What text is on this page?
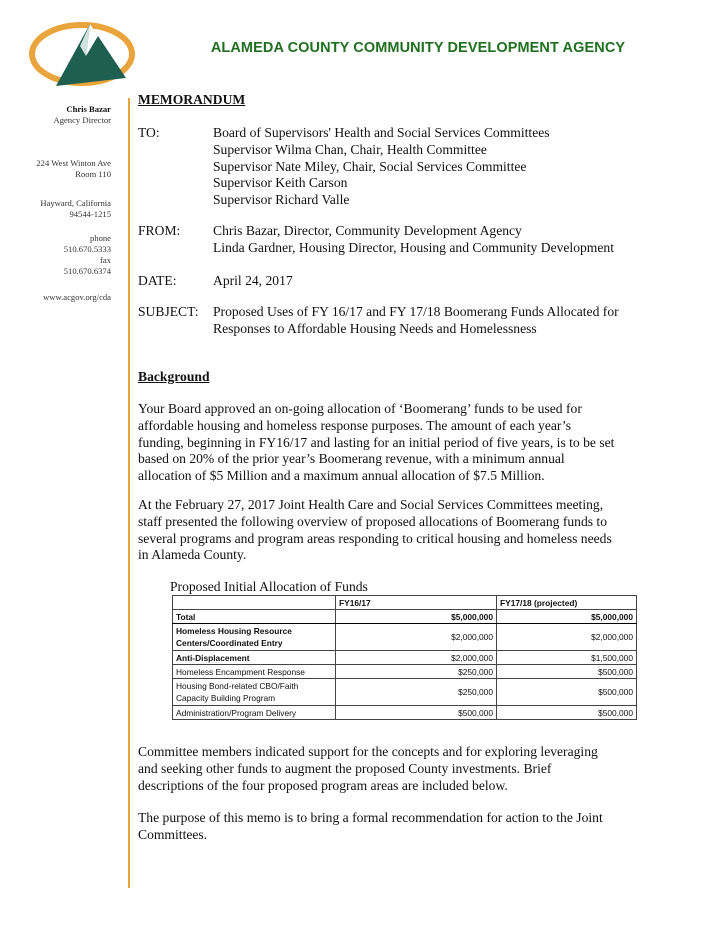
ALAMEDA COUNTY COMMUNITY DEVELOPMENT AGENCY
Chris Bazar
Agency Director
224 West Winton Ave
Room 110
Hayward, California
94544-1215
phone
510.670.5333
fax
510.670.6374
www.acgov.org/cda
MEMORANDUM
TO:	Board of Supervisors' Health and Social Services Committees
Supervisor Wilma Chan, Chair, Health Committee
Supervisor Nate Miley, Chair, Social Services Committee
Supervisor Keith Carson
Supervisor Richard Valle
FROM: Chris Bazar, Director, Community Development Agency
Linda Gardner, Housing Director, Housing and Community Development
DATE:	April 24, 2017
SUBJECT: Proposed Uses of FY 16/17 and FY 17/18 Boomerang Funds Allocated for
Responses to Affordable Housing Needs and Homelessness
Background
Your Board approved an on-going allocation of ‘Boomerang’ funds to be used for
affordable housing and homeless response purposes. The amount of each year’s
funding, beginning in FY16/17 and lasting for an initial period of five years, is to be set
based on 20% of the prior year’s Boomerang revenue, with a minimum annual
allocation of $5 Million and a maximum annual allocation of $7.5 Million.
At the February 27, 2017 Joint Health Care and Social Services Committees meeting,
staff presented the following overview of proposed allocations of Boomerang funds to
several programs and program areas responding to critical housing and homeless needs
in Alameda County.
Proposed Initial Allocation of Funds
	FY16/17	FY17/18 (projected)
Total	$5,000,000	$5,000,000
Homeless Housing Resource Centers/Coordinated Entry	$2,000,000	$2,000,000
Anti-Displacement	$2,000,000	$1,500,000
Homeless Encampment Response	$250,000	$500,000
Housing Bond-related CBO/Faith Capacity Building Program	$250,000	$500,000
Administration/Program Delivery	$500,000	$500,000
Committee members indicated support for the concepts and for exploring leveraging
and seeking other funds to augment the proposed County investments. Brief
descriptions of the four proposed program areas are included below.
The purpose of this memo is to bring a formal recommendation for action to the Joint
Committees.
